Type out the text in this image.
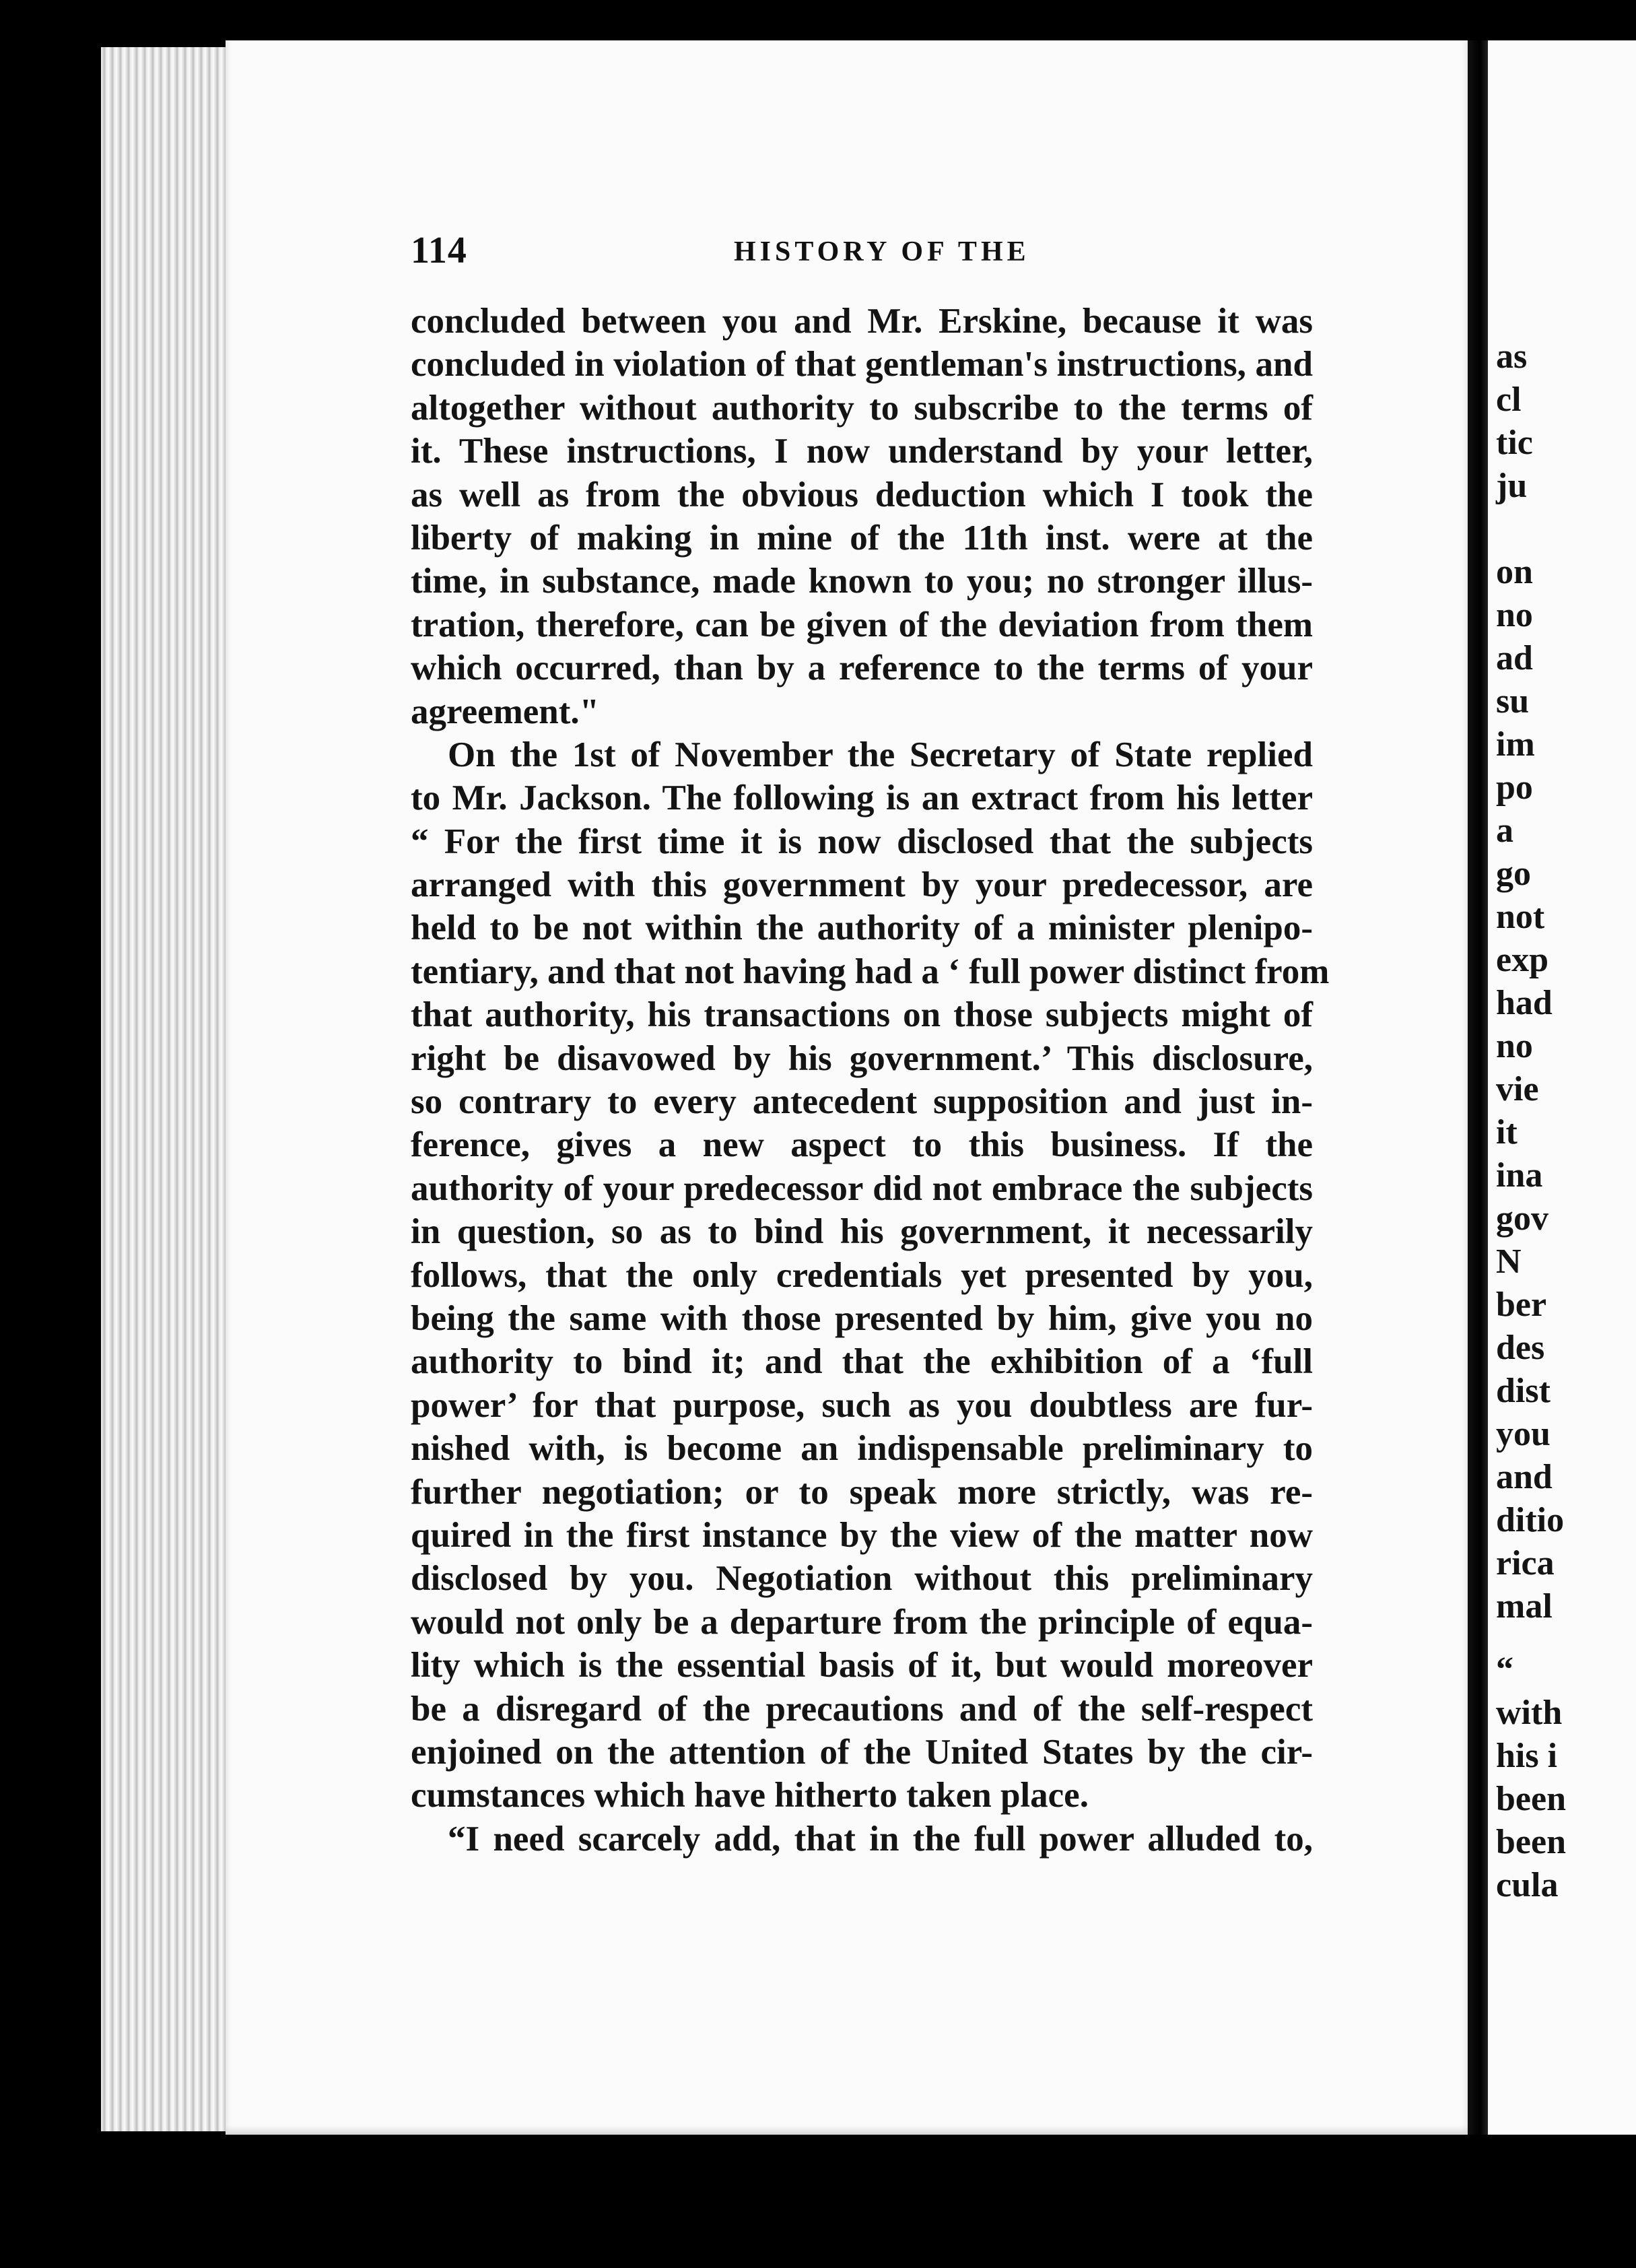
as
cl
tic
ju
on
no
ad
su
im
po
a
go
not
exp
had
no
vie
it
ina
gov
N
ber
des
dist
you
and
ditio
rica
mal
“
with
his i
been
been
cula
114	HISTORY OF THE
concluded between you and Mr. Erskine, because it was
concluded in violation of that gentleman's instructions, and
altogether without authority to subscribe to the terms of
it. These instructions, I now understand by your letter,
as well as from the obvious deduction which I took the
liberty of making in mine of the 11th inst. were at the
time, in substance, made known to you; no stronger illus-
tration, therefore, can be given of the deviation from them
which occurred, than by a reference to the terms of your
agreement."
On the 1st of November the Secretary of State replied
to Mr. Jackson. The following is an extract from his letter
“ For the first time it is now disclosed that the subjects
arranged with this government by your predecessor, are
held to be not within the authority of a minister plenipo-
tentiary, and that not having had a ‘ full power distinct from
that authority, his transactions on those subjects might of
right be disavowed by his government.’ This disclosure,
so contrary to every antecedent supposition and just in-
ference, gives a new aspect to this business. If the
authority of your predecessor did not embrace the subjects
in question, so as to bind his government, it necessarily
follows, that the only credentials yet presented by you,
being the same with those presented by him, give you no
authority to bind it; and that the exhibition of a ‘full
power’ for that purpose, such as you doubtless are fur-
nished with, is become an indispensable preliminary to
further negotiation; or to speak more strictly, was re-
quired in the first instance by the view of the matter now
disclosed by you. Negotiation without this preliminary
would not only be a departure from the principle of equa-
lity which is the essential basis of it, but would moreover
be a disregard of the precautions and of the self-respect
enjoined on the attention of the United States by the cir-
cumstances which have hitherto taken place.
“I need scarcely add, that in the full power alluded to,
